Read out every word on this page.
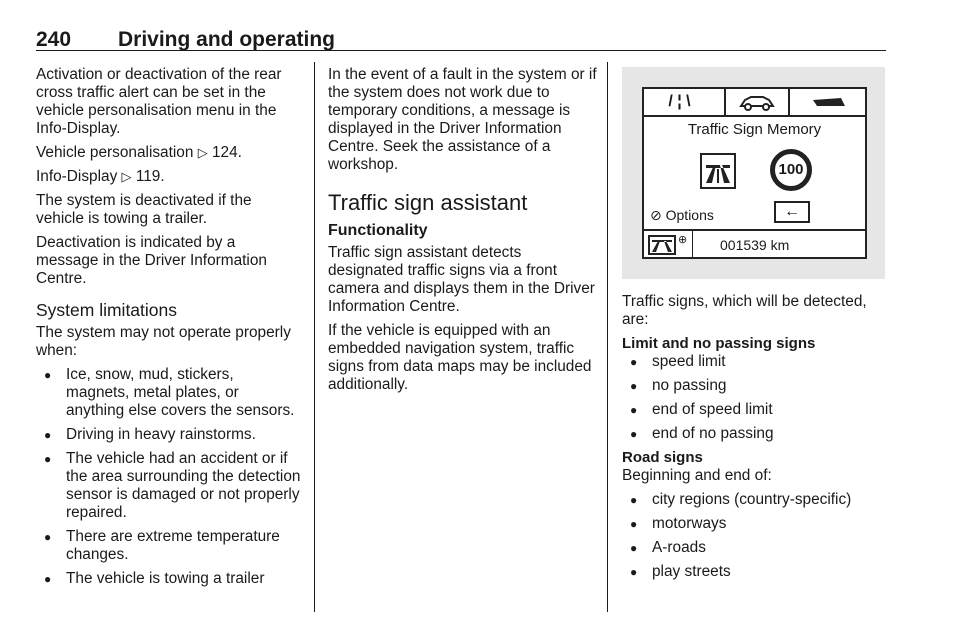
240 Driving and operating

Activation or deactivation of the rear cross traffic alert can be set in the vehicle personalisation menu in the Info-Display.

Vehicle personalisation ▷ 124.

Info-Display ▷ 119.

The system is deactivated if the vehicle is towing a trailer.

Deactivation is indicated by a message in the Driver Information Centre.

System limitations

The system may not operate properly when:

● Ice, snow, mud, stickers, magnets, metal plates, or anything else covers the sensors.
● Driving in heavy rainstorms.
● The vehicle had an accident or if the area surrounding the detection sensor is damaged or not properly repaired.
● There are extreme temperature changes.
● The vehicle is towing a trailer

In the event of a fault in the system or if the system does not work due to temporary conditions, a message is displayed in the Driver Information Centre. Seek the assistance of a workshop.

Traffic sign assistant
Functionality

Traffic sign assistant detects designated traffic signs via a front camera and displays them in the Driver Information Centre.

If the vehicle is equipped with an embedded navigation system, traffic signs from data maps may be included additionally.

/ ¦ \
Traffic Sign Memory
100
⊘ Options	←
⊕ 001539 km

Traffic signs, which will be detected, are:

Limit and no passing signs
● speed limit
● no passing
● end of speed limit
● end of no passing
Road signs

Beginning and end of:

● city regions (country-specific)
● motorways
● A-roads
● play streets
